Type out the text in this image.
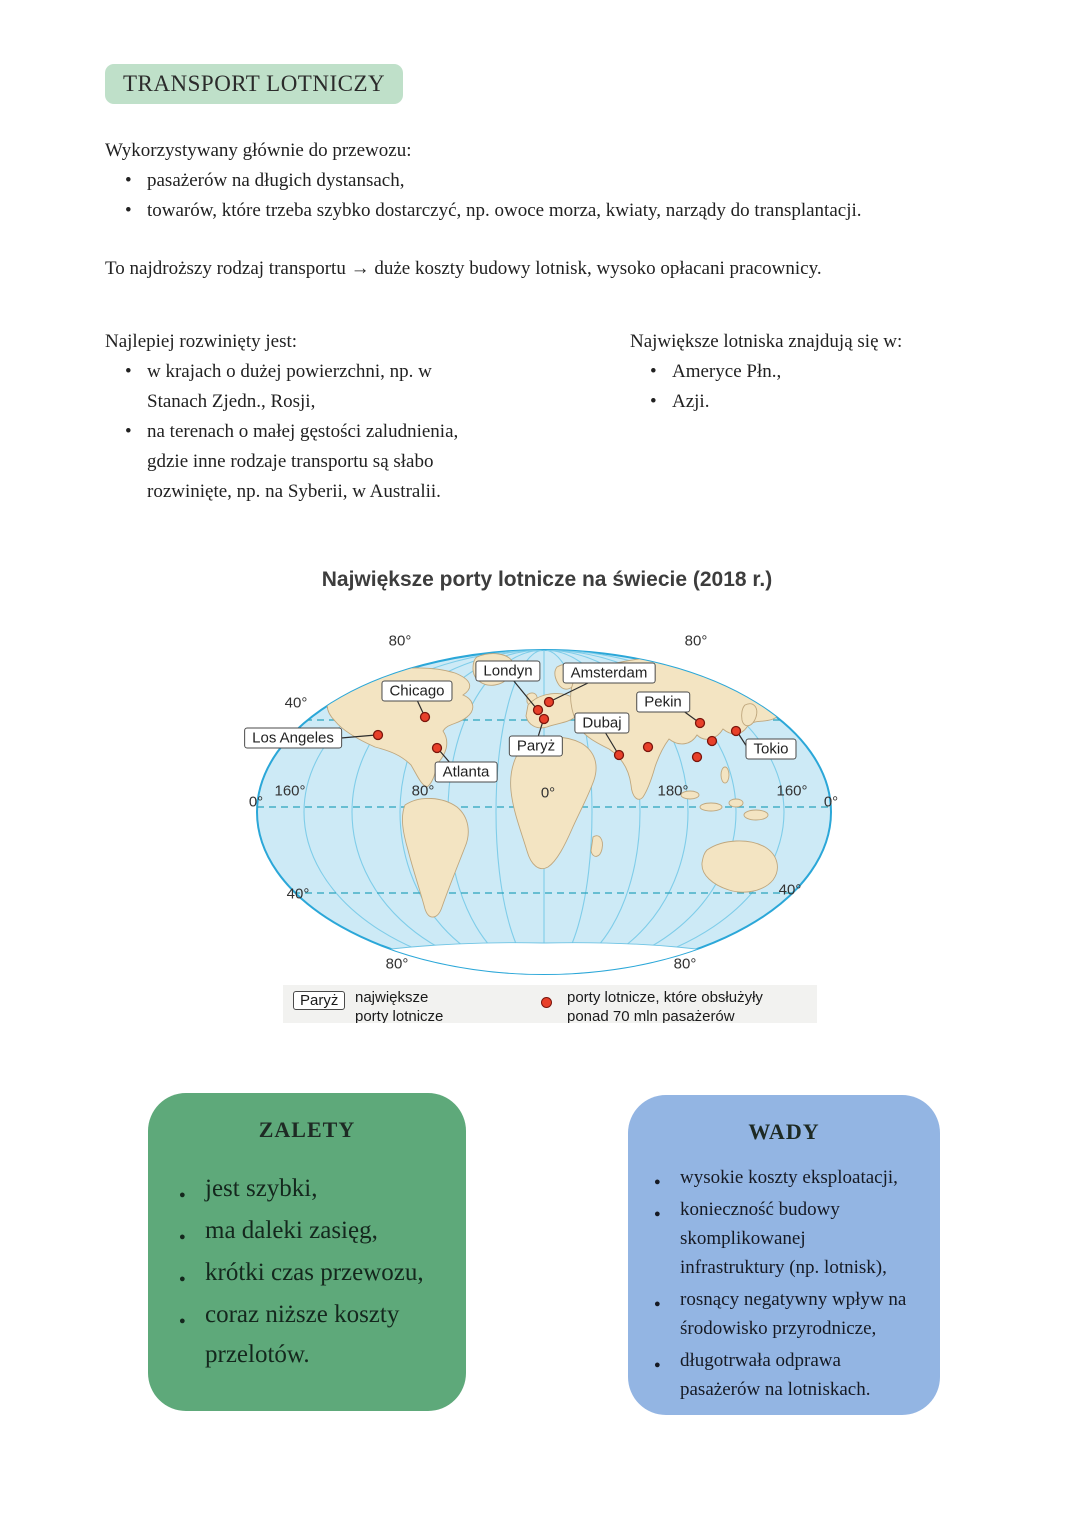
TRANSPORT LOTNICZY

Wykorzystywany głównie do przewozu:

• pasażerów na długich dystansach,
• towarów, które trzeba szybko dostarczyć, np. owoce morza, kwiaty, narządy do transplantacji.

To najdroższy rodzaj transportu → duże koszty budowy lotnisk, wysoko opłacani pracownicy.

Najlepiej rozwinięty jest:

• w krajach o dużej powierzchni, np. w Stanach Zjedn., Rosji,
• na terenach o małej gęstości zaludnienia, gdzie inne rodzaje transportu są słabo rozwinięte, np. na Syberii, w Australii.

Największe lotniska znajdują się w:

• Ameryce Płn.,
• Azji.
Największe porty lotnicze na świecie (2018 r.)
Londyn	Amsterdam
Chicago
Pekin
Dubaj
Los Angeles	Paryż	Tokio
Atlanta
80°	80°
40°
0°
160°	80°	0°	180°	160°
0°
40°	40°
80°	80°
Paryż	największe
porty lotnicze
porty lotnicze, które obsłużyły
ponad 70 mln pasażerów
ZALETY
● jest szybki,
● ma daleki zasięg,
● krótki czas przewozu,
● coraz niższe koszty przelotów.
WADY
● wysokie koszty eksploatacji,
● konieczność budowy skomplikowanej infrastruktury (np. lotnisk),
● rosnący negatywny wpływ na środowisko przyrodnicze,
● długotrwała odprawa pasażerów na lotniskach.
